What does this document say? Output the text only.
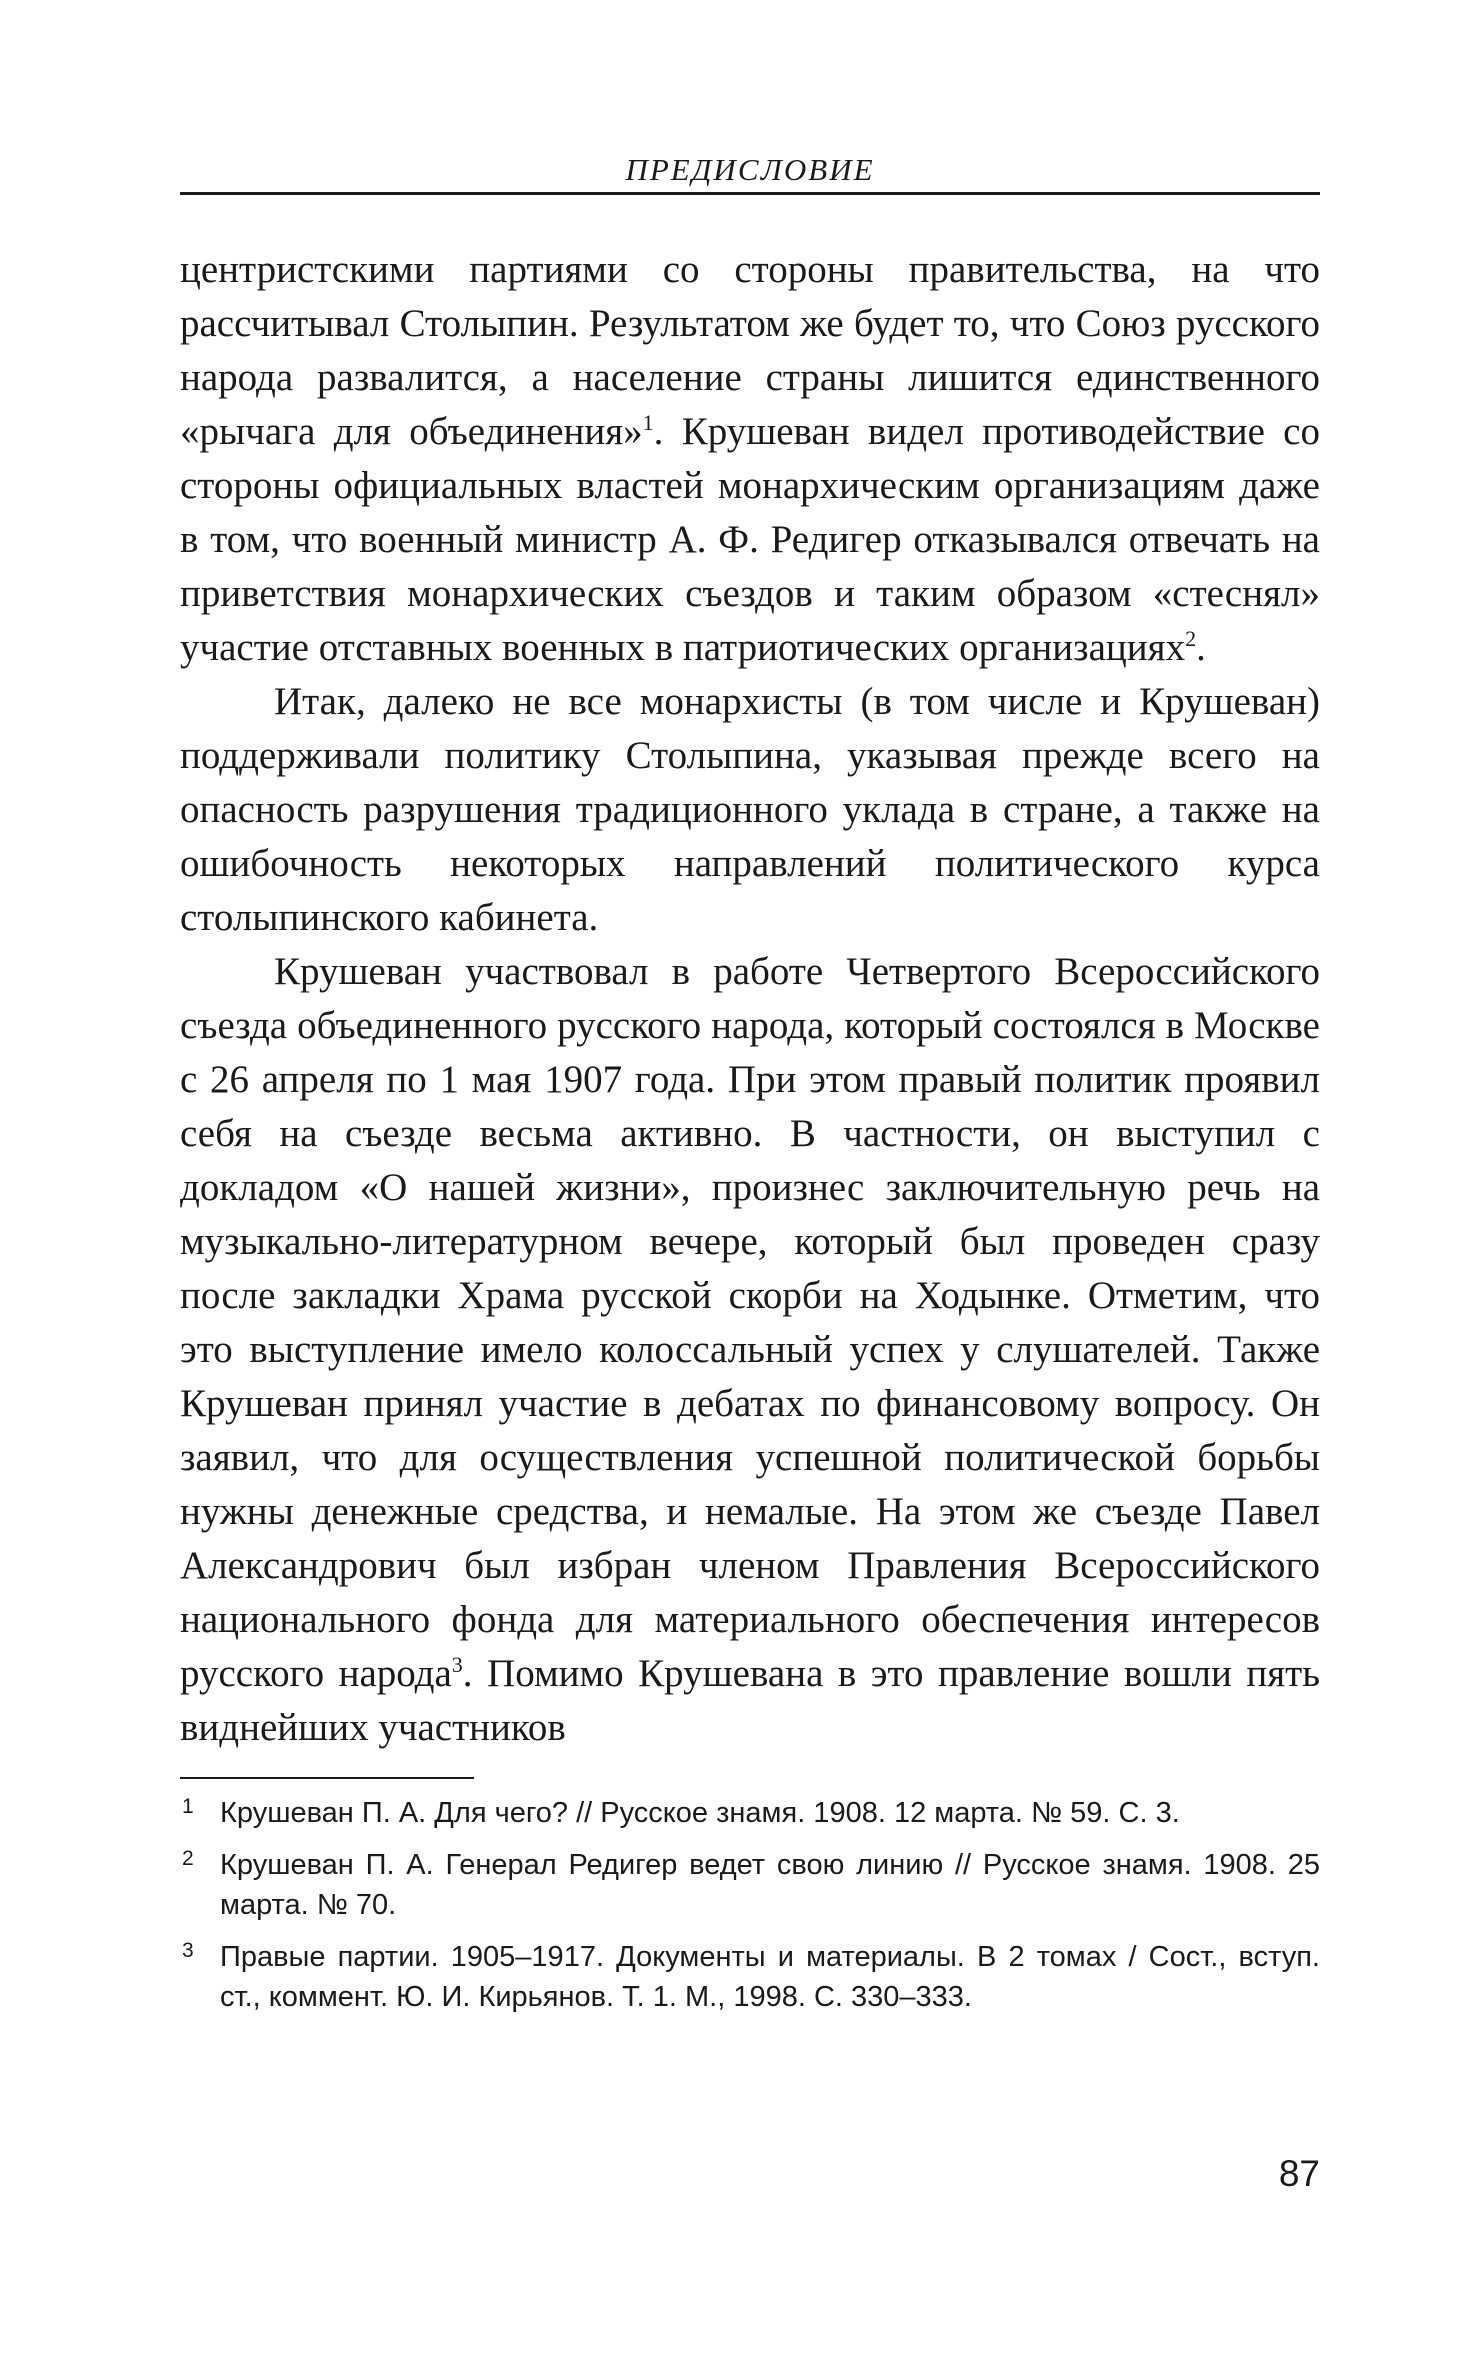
ПРЕДИСЛОВИЕ

центристскими партиями со стороны правительства, на что рассчитывал Столыпин. Результатом же будет то, что Союз русского народа развалится, а население страны лишится единственного «рычага для объединения»$^1$. Крушеван видел противодействие со стороны официальных властей монархическим организациям даже в том, что военный министр А. Ф. Редигер отказывался отвечать на приветствия монархических съездов и таким образом «стеснял» участие отставных военных в патриотических организациях$^2$.

Итак, далеко не все монархисты (в том числе и Крушеван) поддерживали политику Столыпина, указывая прежде всего на опасность разрушения традиционного уклада в стране, а также на ошибочность некоторых направлений политического курса столыпинского кабинета.

Крушеван участвовал в работе Четвертого Всероссийского съезда объединенного русского народа, который состоялся в Москве с 26 апреля по 1 мая 1907 года. При этом правый политик проявил себя на съезде весьма активно. В частности, он выступил с докладом «О нашей жизни», произнес заключительную речь на музыкально-литературном вечере, который был проведен сразу после закладки Храма русской скорби на Ходынке. Отметим, что это выступление имело колоссальный успех у слушателей. Также Крушеван принял участие в дебатах по финансовому вопросу. Он заявил, что для осуществления успешной политической борьбы нужны денежные средства, и немалые. На этом же съезде Павел Александрович был избран членом Правления Всероссийского национального фонда для материального обеспечения интересов русского народа$^3$. Помимо Крушевана в это правление вошли пять виднейших участников

1 Крушеван П. А. Для чего? // Русское знамя. 1908. 12 марта. № 59. С. 3.
2 Крушеван П. А. Генерал Редигер ведет свою линию // Русское знамя. 1908. 25 марта. № 70.
3 Правые партии. 1905–1917. Документы и материалы. В 2 томах / Сост., вступ. ст., коммент. Ю. И. Кирьянов. Т. 1. М., 1998. С. 330–333.
87
